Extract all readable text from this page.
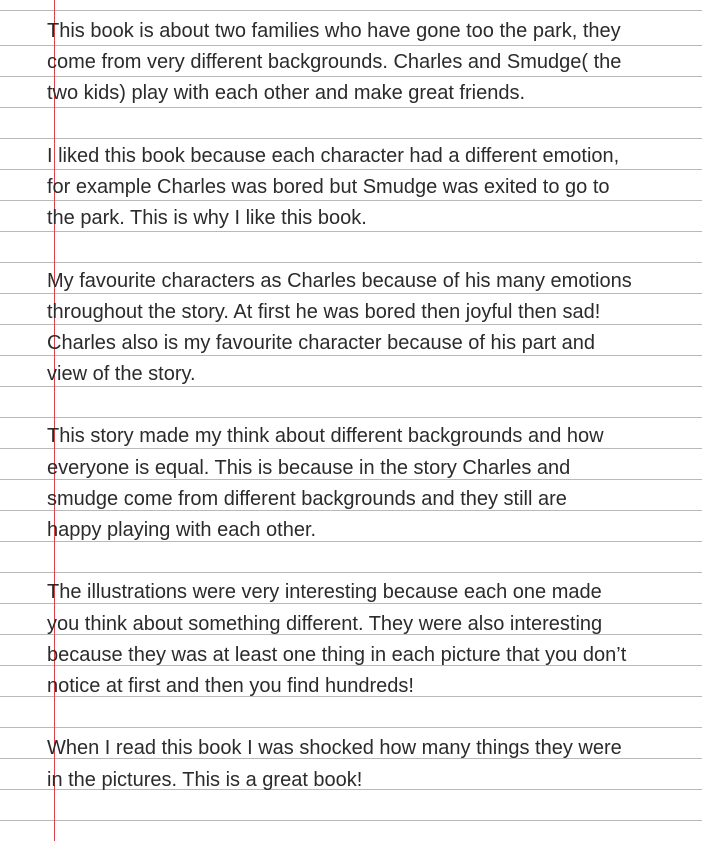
This book is about two families who have gone too the park, they
come from very different backgrounds. Charles and Smudge( the
two kids) play with each other and make great friends.
I liked this book because each character had a different emotion,
for example Charles was bored but Smudge was exited to go to
the park. This is why I like this book.
My favourite characters as Charles because of his many emotions
throughout the story. At first he was bored then joyful then sad!
Charles also is my favourite character because of his part and
view of the story.
This story made my think about different backgrounds and how
everyone is equal. This is because in the story Charles and
smudge come from different backgrounds and they still are
happy playing with each other.
The illustrations were very interesting because each one made
you think about something different. They were also interesting
because they was at least one thing in each picture that you don’t
notice at first and then you find hundreds!
When I read this book I was shocked how many things they were
in the pictures. This is a great book!
